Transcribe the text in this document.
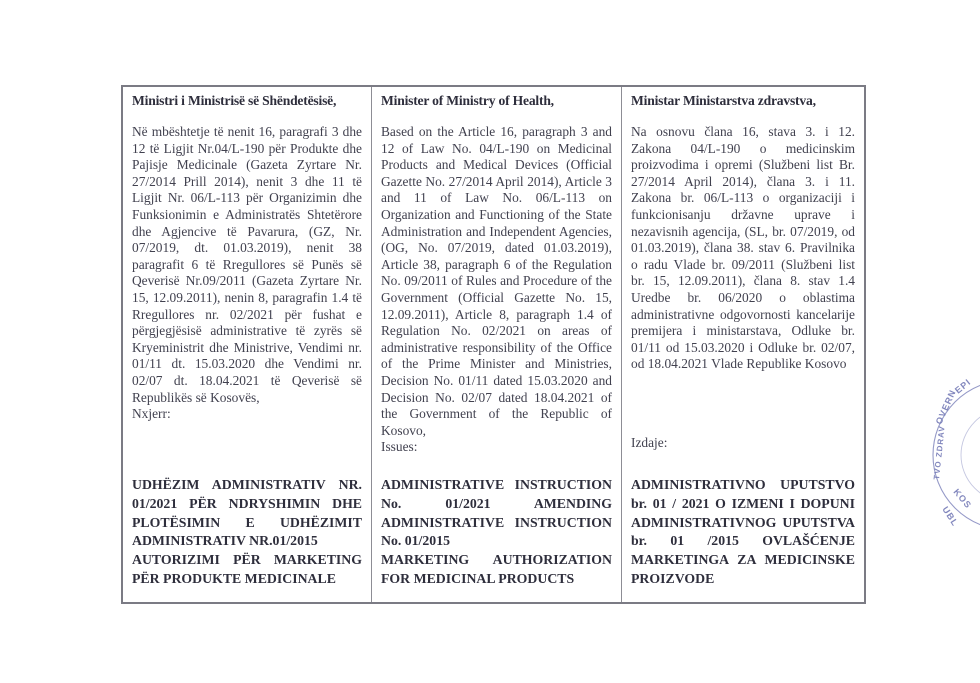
Ministri i Ministrisë së Shëndetësisë,

Në mbështetje të nenit 16, paragrafi 3 dhe 12 të Ligjit Nr.04/L-190 për Produkte dhe Pajisje Medicinale (Gazeta Zyrtare Nr. 27/2014 Prill 2014), nenit 3 dhe 11 të Ligjit Nr. 06/L-113 për Organizimin dhe Funksionimin e Administratës Shtetërore dhe Agjencive të Pavarura, (GZ, Nr. 07/2019, dt. 01.03.2019), nenit 38 paragrafit 6 të Rregullores së Punës së Qeverisë Nr.09/2011 (Gazeta Zyrtare Nr. 15, 12.09.2011), nenin 8, paragrafin 1.4 të Rregullores nr. 02/2021 për fushat e përgjegjësisë administrative të zyrës së Kryeministrit dhe Ministrive, Vendimi nr. 01/11 dt. 15.03.2020 dhe Vendimi nr. 02/07 dt. 18.04.2021 të Qeverisë së Republikës së Kosovës,

Nxjerr:

UDHËZIM ADMINISTRATIV NR. 01/2021 PËR NDRYSHIMIN DHE PLOTËSIMIN E UDHËZIMIT ADMINISTRATIV NR.01/2015

AUTORIZIMI PËR MARKETING PËR PRODUKTE MEDICINALE

Minister of Ministry of Health,

Based on the Article 16, paragraph 3 and 12 of Law No. 04/L-190 on Medicinal Products and Medical Devices (Official Gazette No. 27/2014 April 2014), Article 3 and 11 of Law No. 06/L-113 on Organization and Functioning of the State Administration and Independent Agencies, (OG, No. 07/2019, dated 01.03.2019), Article 38, paragraph 6 of the Regulation No. 09/2011 of Rules and Procedure of the Government (Official Gazette No. 15, 12.09.2011), Article 8, paragraph 1.4 of Regulation No. 02/2021 on areas of administrative responsibility of the Office of the Prime Minister and Ministries, Decision No. 01/11 dated 15.03.2020 and Decision No. 02/07 dated 18.04.2021 of the Government of the Republic of Kosovo,

Issues:

ADMINISTRATIVE INSTRUCTION No. 01/2021 AMENDING ADMINISTRATIVE INSTRUCTION No. 01/2015

MARKETING AUTHORIZATION FOR MEDICINAL PRODUCTS

Ministar Ministarstva zdravstva,

Na osnovu člana 16, stava 3. i 12. Zakona 04/L-190 o medicinskim proizvodima i opremi (Službeni list Br. 27/2014 April 2014), člana 3. i 11. Zakona br. 06/L-113 o organizaciji i funkcionisanju državne uprave i nezavisnih agencija, (SL, br. 07/2019, od 01.03.2019), člana 38. stav 6. Pravilnika o radu Vlade br. 09/2011 (Službeni list br. 15, 12.09.2011), člana 8. stav 1.4 Uredbe br. 06/2020 o oblastima administrativne odgovornosti kancelarije premijera i ministarstava, Odluke br. 01/11 od 15.03.2020 i Odluke br. 02/07, od 18.04.2021 Vlade Republike Kosovo

Izdaje:

ADMINISTRATIVNO UPUTSTVO br. 01 / 2021 O IZMENI I DOPUNI ADMINISTRATIVNOG UPUTSTVA br. 01 /2015 OVLAŠĆENJE MARKETINGA ZA MEDICINSKE PROIZVODE

EPI
OVERN
TVO ZDRAV
KOS
UBL
